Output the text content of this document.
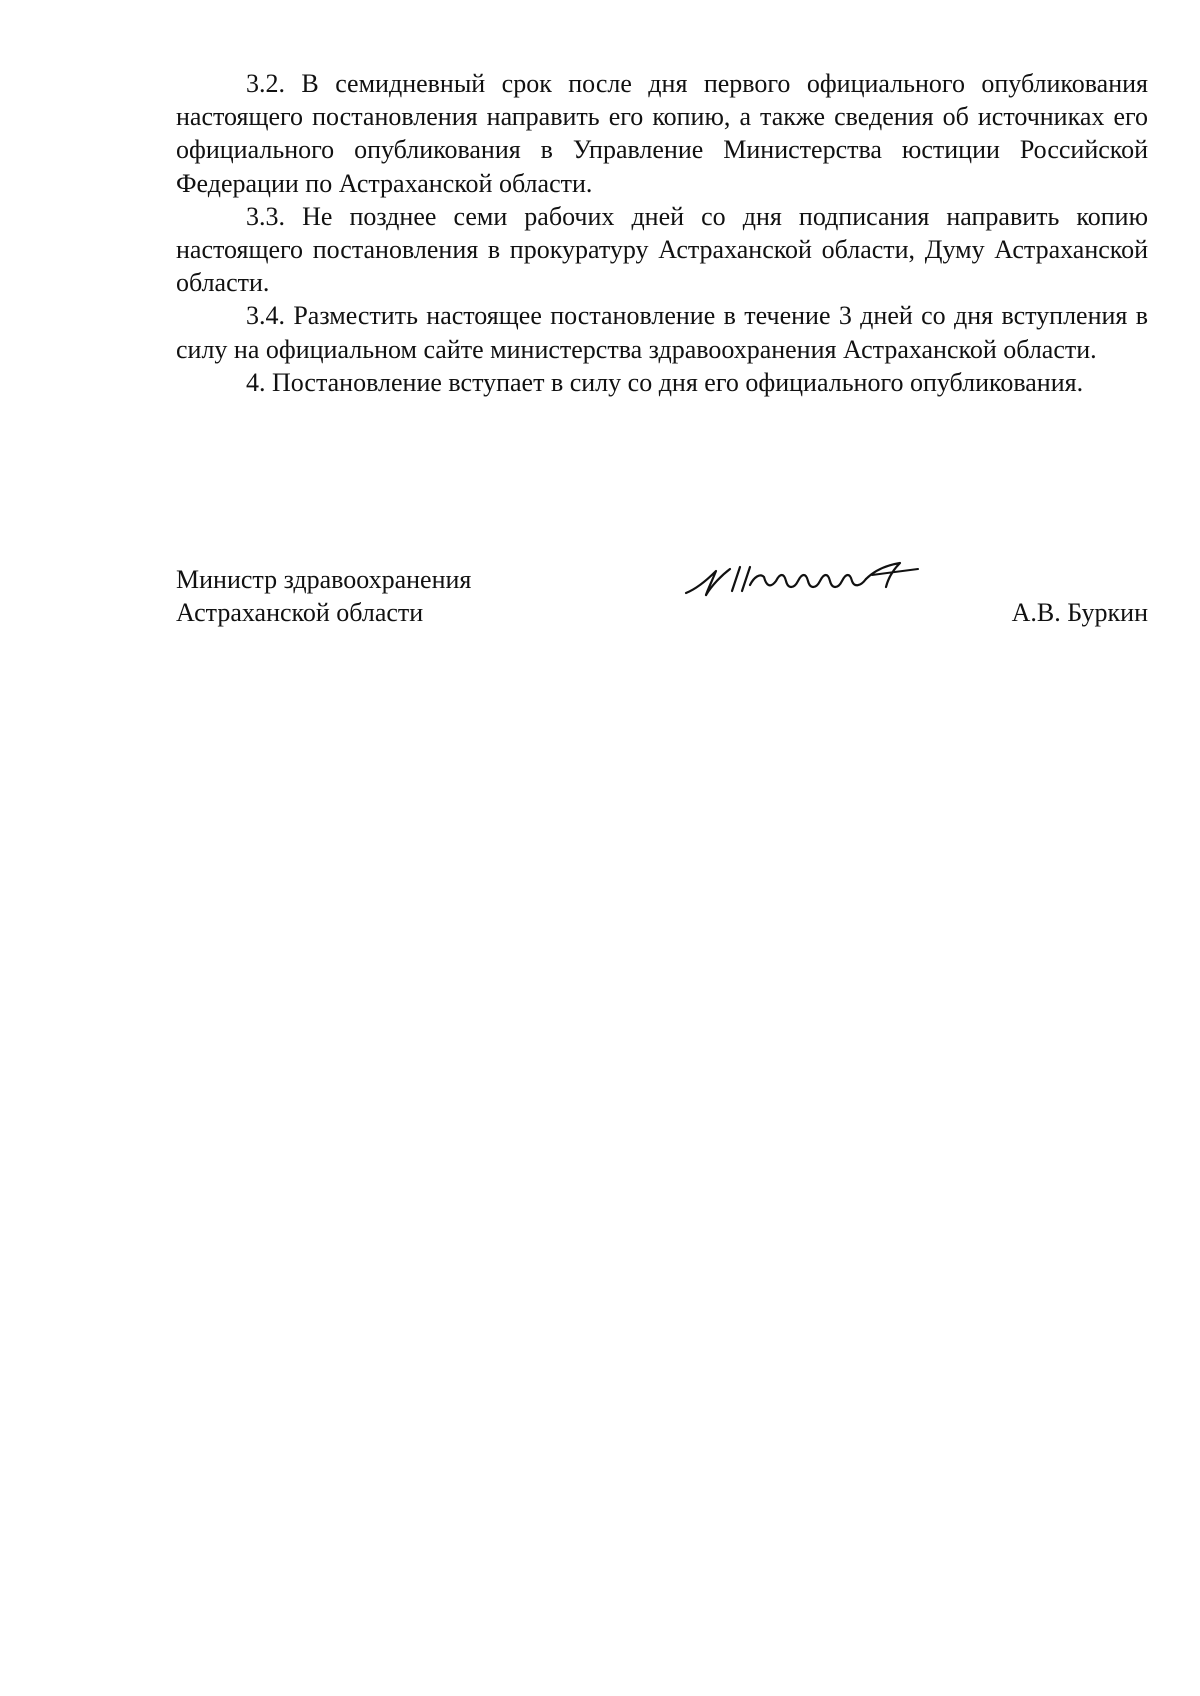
3.2. В семидневный срок после дня первого официального опубликования настоящего постановления направить его копию, а также сведения об источниках его официального опубликования в Управление Министерства юстиции Российской Федерации по Астраханской области.

3.3. Не позднее семи рабочих дней со дня подписания направить копию настоящего постановления в прокуратуру Астраханской области, Думу Астраханской области.

3.4. Разместить настоящее постановление в течение 3 дней со дня вступления в силу на официальном сайте министерства здравоохранения Астраханской области.

4. Постановление вступает в силу со дня его официального опубликования.

Министр здравоохранения
Астраханской области	А.В. Буркин
